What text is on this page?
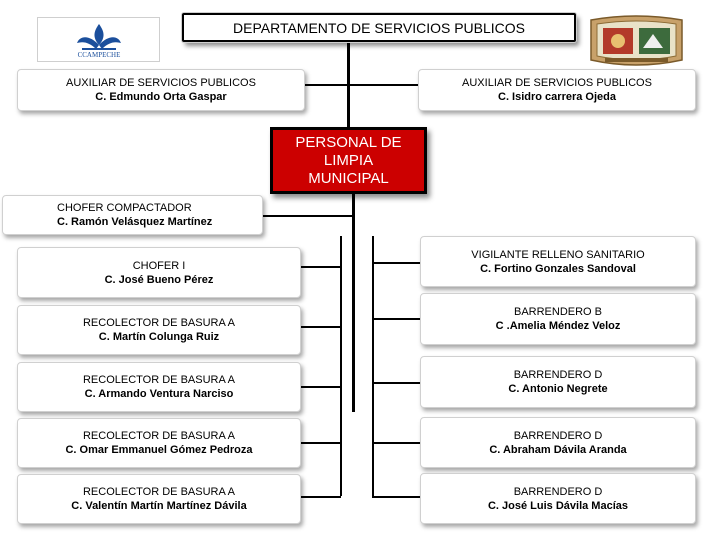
CCAMPECHE
DEPARTAMENTO DE SERVICIOS PUBLICOS
AUXILIAR DE SERVICIOS PUBLICOS
C. Edmundo Orta Gaspar
AUXILIAR DE SERVICIOS PUBLICOS
C. Isidro carrera Ojeda
PERSONAL DE
LIMPIA
MUNICIPAL
CHOFER COMPACTADOR
C. Ramón Velásquez Martínez
CHOFER I
C. José Bueno Pérez
RECOLECTOR DE BASURA A
C. Martín Colunga Ruiz
RECOLECTOR DE BASURA A
C. Armando Ventura Narciso
RECOLECTOR DE BASURA A
C. Omar Emmanuel Gómez Pedroza
RECOLECTOR DE BASURA A
C. Valentín Martín Martínez Dávila
VIGILANTE RELLENO SANITARIO
C. Fortino Gonzales Sandoval
BARRENDERO B
C .Amelia Méndez Veloz
BARRENDERO D
C. Antonio Negrete
BARRENDERO D
C. Abraham Dávila Aranda
BARRENDERO D
C. José Luis Dávila Macías
